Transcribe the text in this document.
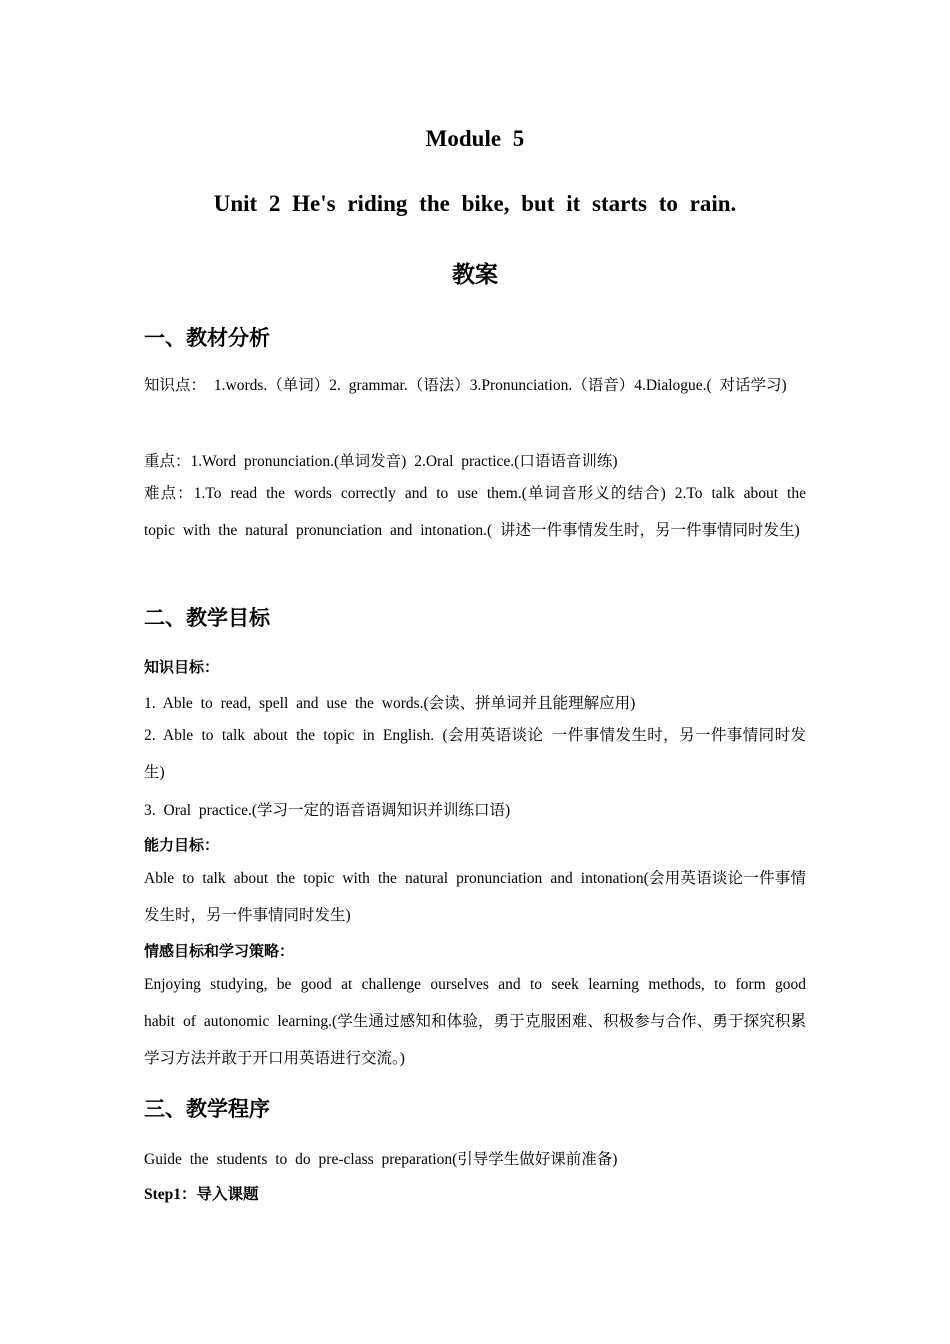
Module 5
Unit 2 He's riding the bike, but it starts to rain.
教案
一、教材分析
知识点： 1.words.（单词）2. grammar.（语法）3.Pronunciation.（语音）4.Dialogue.( 对话学习)
重点：1.Word pronunciation.(单词发音) 2.Oral practice.(口语语音训练)
难点：1.To read the words correctly and to use them.(单词音形义的结合) 2.To talk about the topic with the natural pronunciation and intonation.( 讲述一件事情发生时，另一件事情同时发生)
二、教学目标
知识目标：
1. Able to read, spell and use the words.(会读、拼单词并且能理解应用)
2. Able to talk about the topic in English. (会用英语谈论 一件事情发生时，另一件事情同时发生)
3. Oral practice.(学习一定的语音语调知识并训练口语)
能力目标：
Able to talk about the topic with the natural pronunciation and intonation(会用英语谈论一件事情发生时，另一件事情同时发生)
情感目标和学习策略：
Enjoying studying, be good at challenge ourselves and to seek learning methods, to form good habit of autonomic learning.(学生通过感知和体验，勇于克服困难、积极参与合作、勇于探究积累学习方法并敢于开口用英语进行交流。)
三、教学程序
Guide the students to do pre-class preparation(引导学生做好课前准备)
Step1：导入课题
